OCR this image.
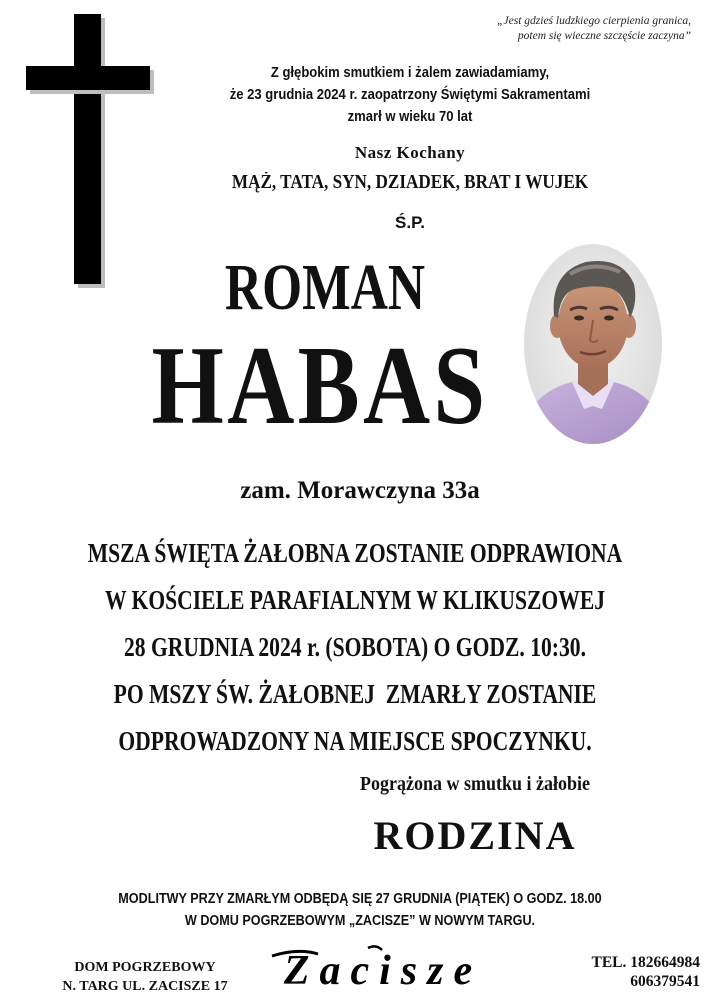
„Jest gdzieś ludzkiego cierpienia granica,
potem się wieczne szczęście zaczyna”
Z głębokim smutkiem i żalem zawiadamiamy,
że 23 grudnia 2024 r. zaopatrzony Świętymi Sakramentami
zmarł w wieku 70 lat
Nasz Kochany
MĄŻ, TATA, SYN, DZIADEK, BRAT I WUJEK
Ś.P.
ROMAN
HABAS
zam. Morawczyna 33a
MSZA ŚWIĘTA ŻAŁOBNA ZOSTANIE ODPRAWIONA
W KOŚCIELE PARAFIALNYM W KLIKUSZOWEJ
28 GRUDNIA 2024 r. (SOBOTA) O GODZ. 10:30.
PO MSZY ŚW. ŻAŁOBNEJ  ZMARŁY ZOSTANIE
ODPROWADZONY NA MIEJSCE SPOCZYNKU.
Pogrążona w smutku i żałobie
RODZINA
MODLITWY PRZY ZMARŁYM ODBĘDĄ SIĘ 27 GRUDNIA (PIĄTEK) O GODZ. 18.00
W DOMU POGRZEBOWYM „ZACISZE” W NOWYM TARGU.
DOM POGRZEBOWY
N. TARG UL. ZACISZE 17	Zacisze	TEL. 182664984
606379541
